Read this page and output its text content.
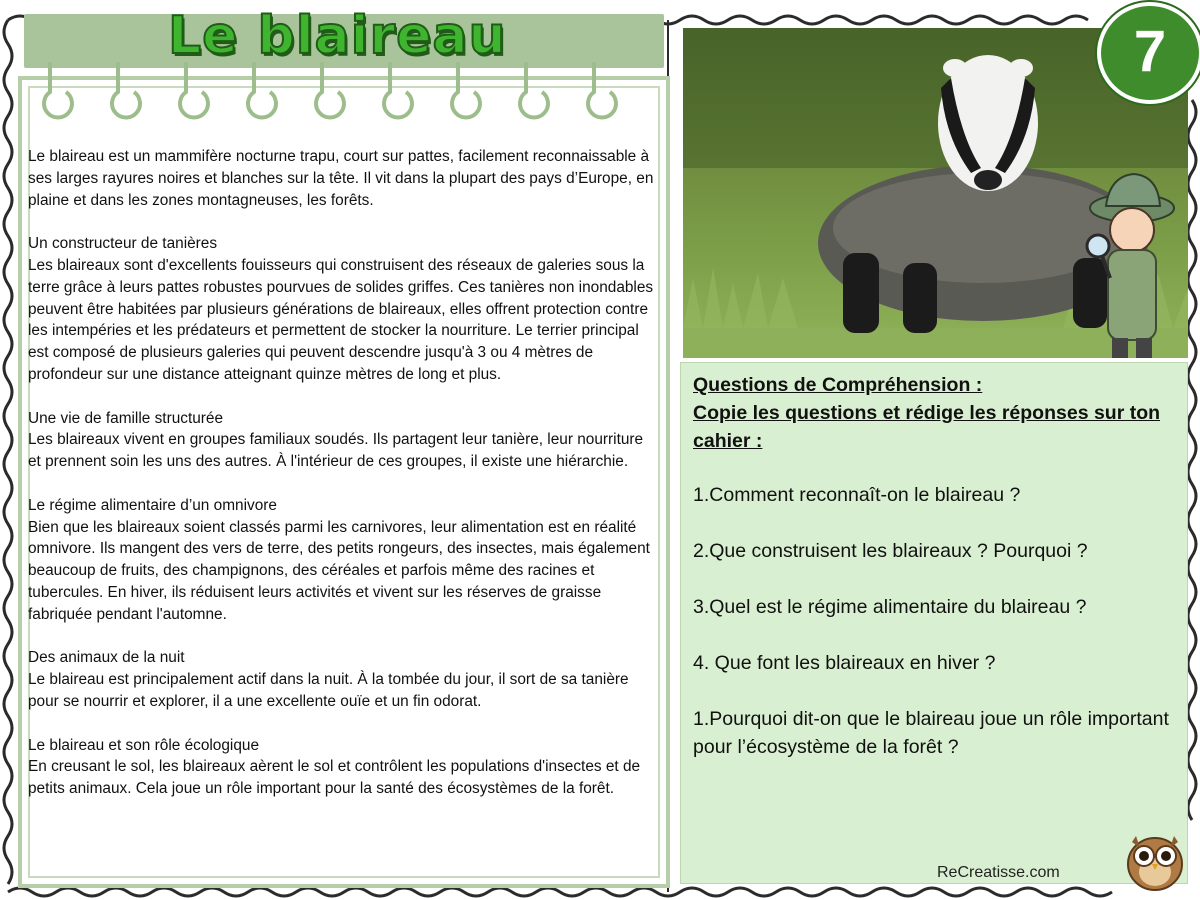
Le blaireau

Le blaireau est un mammifère nocturne trapu, court sur pattes, facilement reconnaissable à ses larges rayures noires et blanches sur la tête. Il vit dans la plupart des pays d’Europe, en plaine et dans les zones montagneuses, les forêts.

Un constructeur de tanières
Les blaireaux sont d'excellents fouisseurs qui construisent des réseaux de galeries sous la terre grâce à leurs pattes robustes pourvues de solides griffes. Ces tanières non inondables peuvent être habitées par plusieurs générations de blaireaux, elles offrent protection contre les intempéries et les prédateurs et permettent de stocker la nourriture. Le terrier principal est composé de plusieurs galeries qui peuvent descendre jusqu'à 3 ou 4 mètres de profondeur sur une distance atteignant quinze mètres de long et plus.

Une vie de famille structurée
Les blaireaux vivent en groupes familiaux soudés. Ils partagent leur tanière, leur nourriture et prennent soin les uns des autres. À l'intérieur de ces groupes, il existe une hiérarchie.

Le régime alimentaire d’un omnivore
Bien que les blaireaux soient classés parmi les carnivores, leur alimentation est en réalité omnivore. Ils mangent des vers de terre, des petits rongeurs, des insectes, mais également beaucoup de fruits, des champignons, des céréales et parfois même des racines et tubercules. En hiver, ils réduisent leurs activités et vivent sur les réserves de graisse fabriquée pendant l'automne.

Des animaux de la nuit
Le blaireau est principalement actif dans la nuit. À la tombée du jour, il sort de sa tanière pour se nourrir et explorer, il a une excellente ouïe et un fin odorat.

Le blaireau et son rôle écologique
En creusant le sol, les blaireaux aèrent le sol et contrôlent les populations d'insectes et de petits animaux. Cela joue un rôle important pour la santé des écosystèmes de la forêt.

7
Questions de Compréhension :
Copie les questions et rédige les réponses sur ton cahier :
1.Comment reconnaît-on le blaireau ?
2.Que construisent les blaireaux ? Pourquoi ?
3.Quel est le régime alimentaire du blaireau ?
4. Que font les blaireaux en hiver ?
1.Pourquoi dit-on que le blaireau joue un rôle important pour l’écosystème de la forêt ?
ReCreatisse.com
